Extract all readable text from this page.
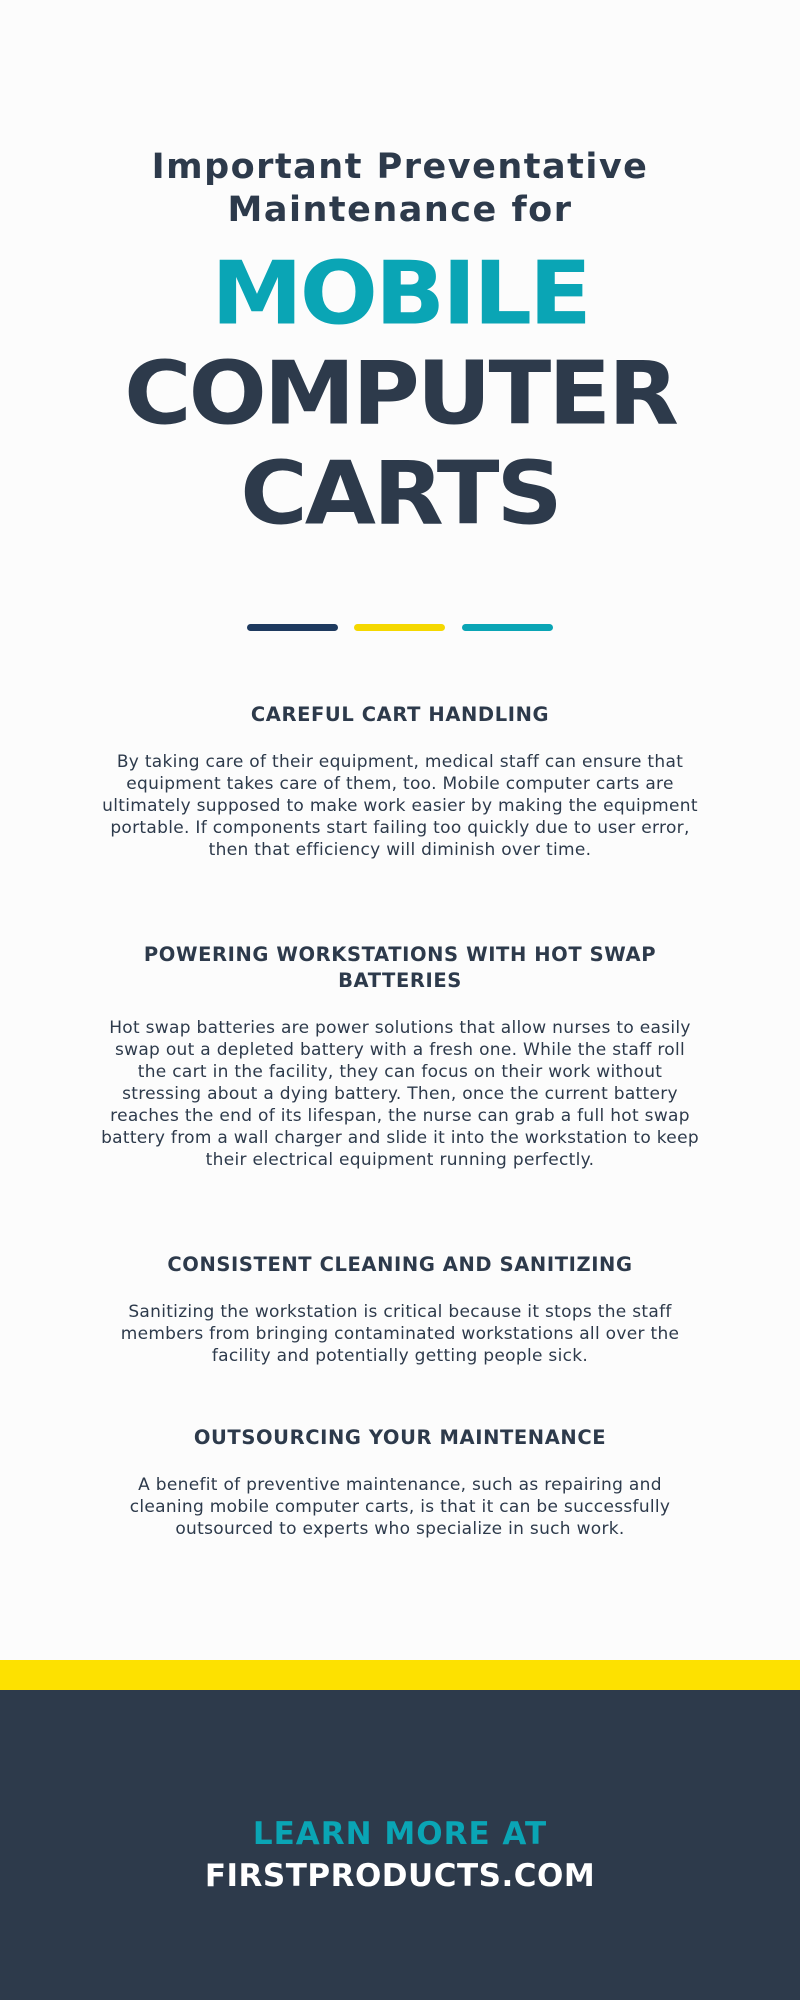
Important Preventative
Maintenance for
MOBILE
COMPUTER
CARTS
CAREFUL CART HANDLING

By taking care of their equipment, medical staff can ensure that equipment takes care of them, too. Mobile computer carts are ultimately supposed to make work easier by making the equipment portable. If components start failing too quickly due to user error, then that efficiency will diminish over time.

POWERING WORKSTATIONS WITH HOT SWAP BATTERIES

Hot swap batteries are power solutions that allow nurses to easily swap out a depleted battery with a fresh one. While the staff roll the cart in the facility, they can focus on their work without stressing about a dying battery. Then, once the current battery reaches the end of its lifespan, the nurse can grab a full hot swap battery from a wall charger and slide it into the workstation to keep their electrical equipment running perfectly.

CONSISTENT CLEANING AND SANITIZING

Sanitizing the workstation is critical because it stops the staff members from bringing contaminated workstations all over the facility and potentially getting people sick.

OUTSOURCING YOUR MAINTENANCE

A benefit of preventive maintenance, such as repairing and cleaning mobile computer carts, is that it can be successfully outsourced to experts who specialize in such work.

LEARN MORE AT
FIRSTPRODUCTS.COM
